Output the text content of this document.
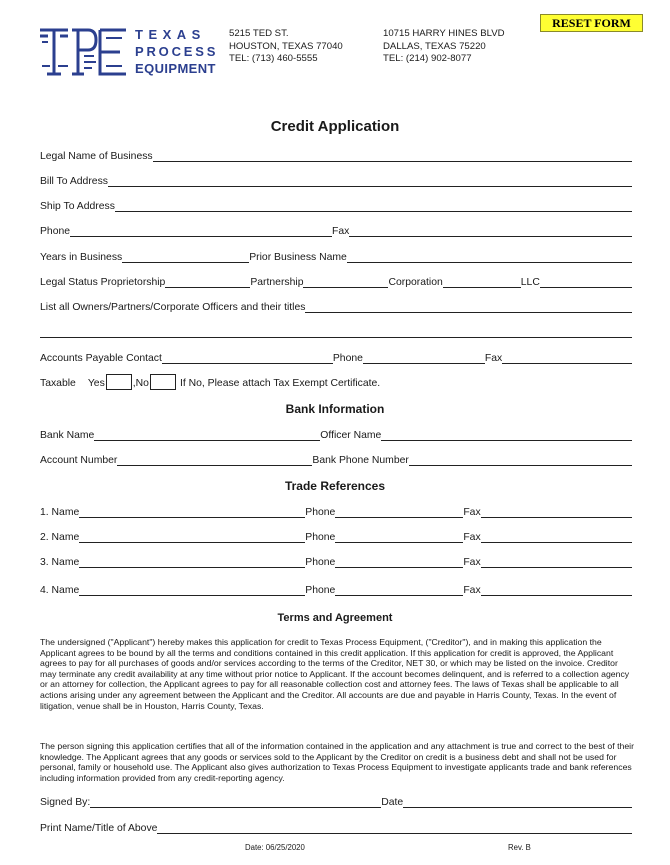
TEXAS
PROCESS
EQUIPMENT
5215 TED ST.
HOUSTON, TEXAS 77040
TEL: (713) 460-5555
10715 HARRY HINES BLVD
DALLAS, TEXAS 75220
TEL: (214) 902-8077
RESET FORM
Credit Application
Legal Name of Business
Bill To Address
Ship To Address
Phone	Fax
Years in Business	Prior Business Name
Legal Status Proprietorship	Partnership	Corporation	LLC
List all Owners/Partners/Corporate Officers and their titles
Accounts Payable Contact	Phone	Fax
Taxable Yes	, No	If No, Please attach Tax Exempt Certificate.
Bank Information
Bank Name	Officer Name
Account Number	Bank Phone Number
Trade References
1. Name	Phone	Fax
2. Name	Phone	Fax
3. Name	Phone	Fax
4. Name	Phone	Fax
Terms and Agreement
The undersigned ("Applicant") hereby makes this application for credit to Texas Process Equipment, ("Creditor"), and in making this application the Applicant agrees to be bound by all the terms and conditions contained in this credit application. If this application for credit is approved, the Applicant agrees to pay for all purchases of goods and/or services according to the terms of the Creditor, NET 30, or which may be listed on the invoice. Creditor may terminate any credit availability at any time without prior notice to Applicant. If the account becomes delinquent, and is referred to a collection agency or an attorney for collection, the Applicant agrees to pay for all reasonable collection cost and attorney fees. The laws of Texas shall be applicable to all actions arising under any agreement between the Applicant and the Creditor. All accounts are due and payable in Harris County, Texas. In the event of litigation, venue shall be in Houston, Harris County, Texas.
The person signing this application certifies that all of the information contained in the application and any attachment is true and correct to the best of their knowledge. The Applicant agrees that any goods or services sold to the Applicant by the Creditor on credit is a business debt and shall not be used for personal, family or household use. The Applicant also gives authorization to Texas Process Equipment to investigate applicants trade and bank references including information provided from any credit-reporting agency.
Signed By:	Date
Print Name/Title of Above
Date: 06/25/2020	Rev. B
